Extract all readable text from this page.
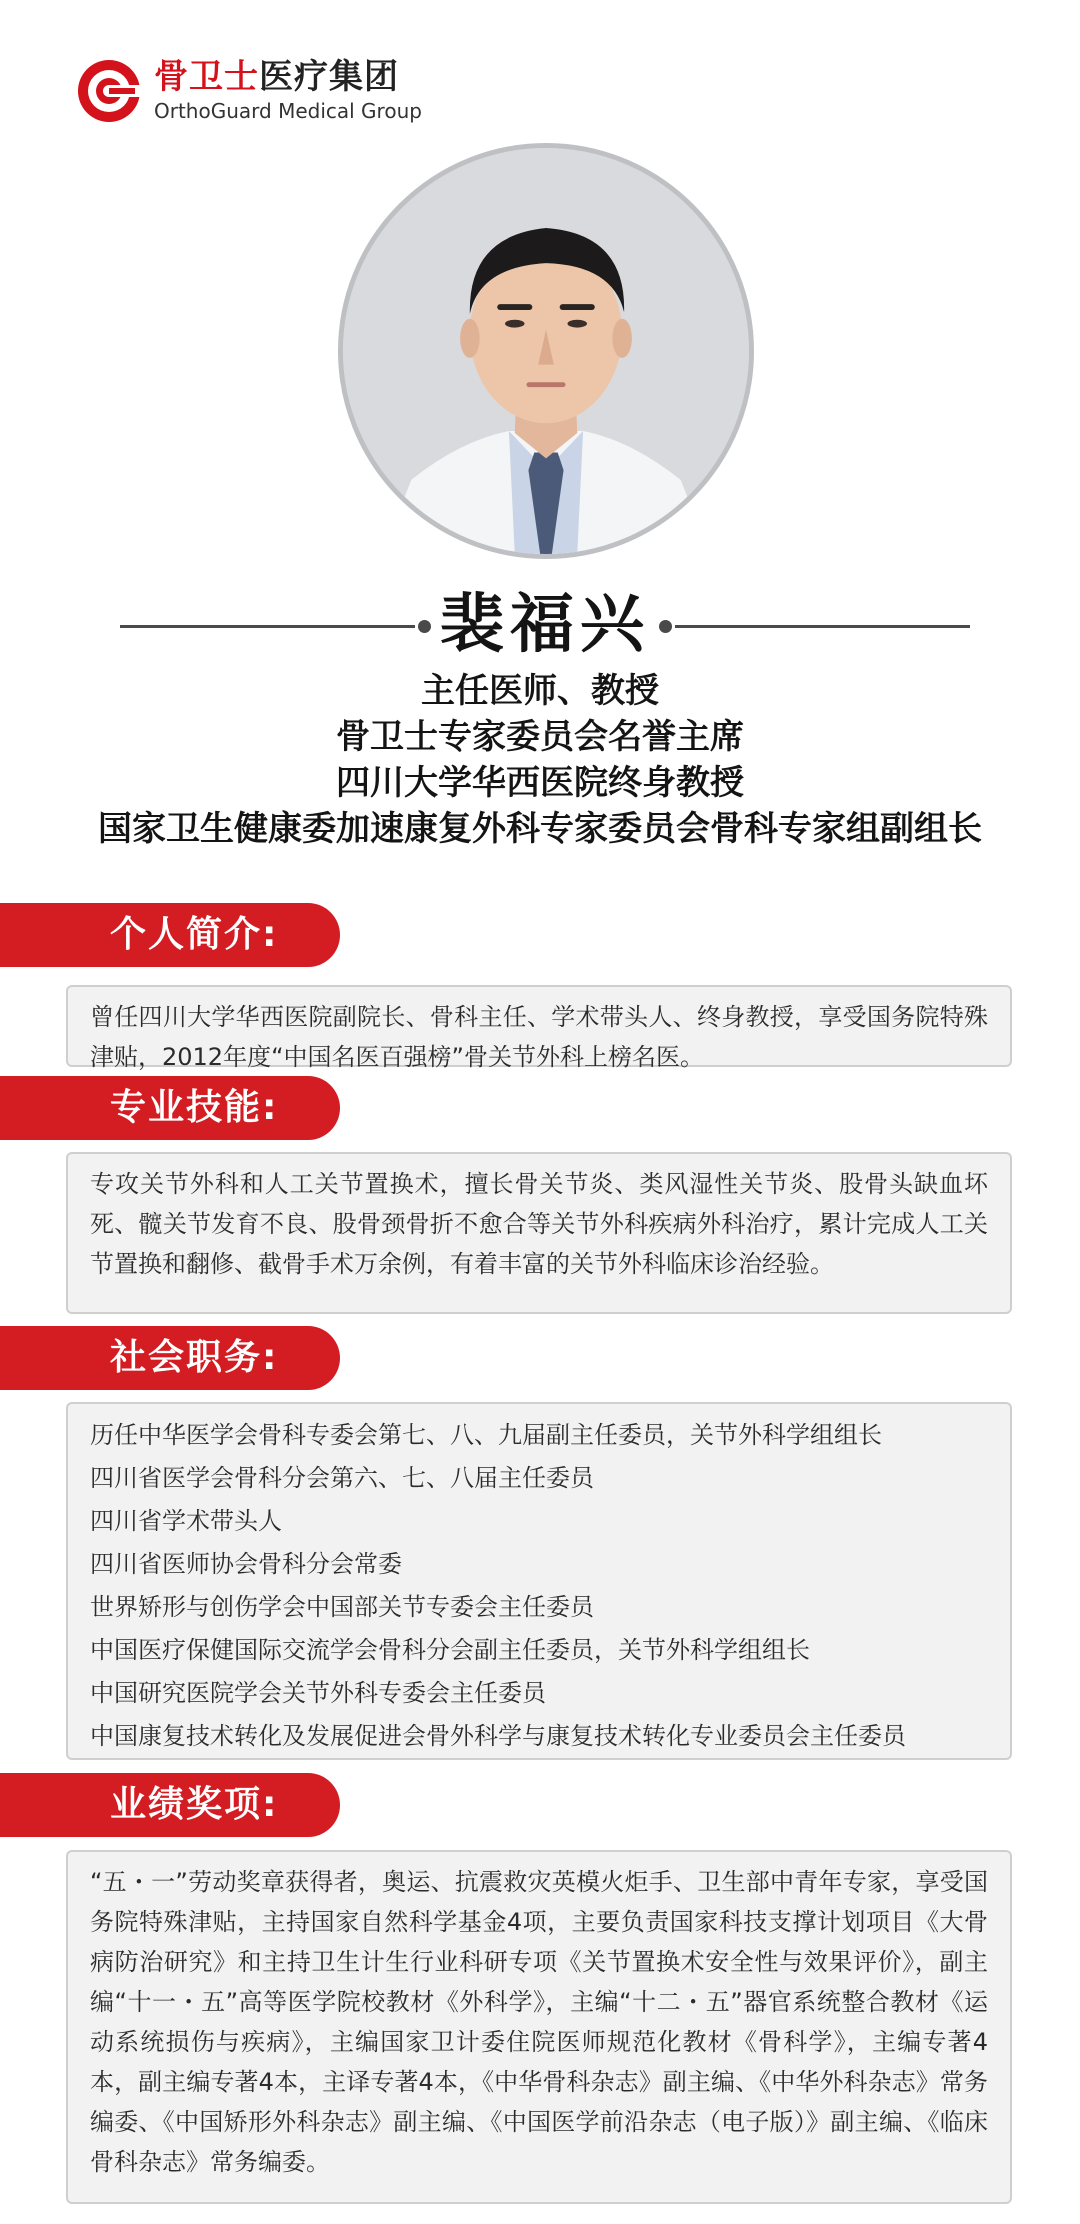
骨卫士医疗集团
OrthoGuard Medical Group
裴福兴
主任医师、教授
骨卫士专家委员会名誉主席
四川大学华西医院终身教授
国家卫生健康委加速康复外科专家委员会骨科专家组副组长
个人简介:

曾任四川大学华西医院副院长、骨科主任、学术带头人、终身教授，享受国务院特殊津贴，2012年度“中国名医百强榜”骨关节外科上榜名医。

专业技能:

专攻关节外科和人工关节置换术，擅长骨关节炎、类风湿性关节炎、股骨头缺血坏死、髋关节发育不良、股骨颈骨折不愈合等关节外科疾病外科治疗，累计完成人工关节置换和翻修、截骨手术万余例，有着丰富的关节外科临床诊治经验。

社会职务:
历任中华医学会骨科专委会第七、八、九届副主任委员，关节外科学组组长
四川省医学会骨科分会第六、七、八届主任委员
四川省学术带头人
四川省医师协会骨科分会常委
世界矫形与创伤学会中国部关节专委会主任委员
中国医疗保健国际交流学会骨科分会副主任委员，关节外科学组组长
中国研究医院学会关节外科专委会主任委员
中国康复技术转化及发展促进会骨外科学与康复技术转化专业委员会主任委员
业绩奖项:

“五・一”劳动奖章获得者，奥运、抗震救灾英模火炬手、卫生部中青年专家，享受国务院特殊津贴，主持国家自然科学基金4项，主要负责国家科技支撑计划项目《大骨病防治研究》和主持卫生计生行业科研专项《关节置换术安全性与效果评价》，副主编“十一・五”高等医学院校教材《外科学》，主编“十二・五”器官系统整合教材《运动系统损伤与疾病》，主编国家卫计委住院医师规范化教材《骨科学》，主编专著4本，副主编专著4本，主译专著4本，《中华骨科杂志》副主编、《中华外科杂志》常务编委、《中国矫形外科杂志》副主编、《中国医学前沿杂志（电子版）》副主编、《临床骨科杂志》常务编委。
